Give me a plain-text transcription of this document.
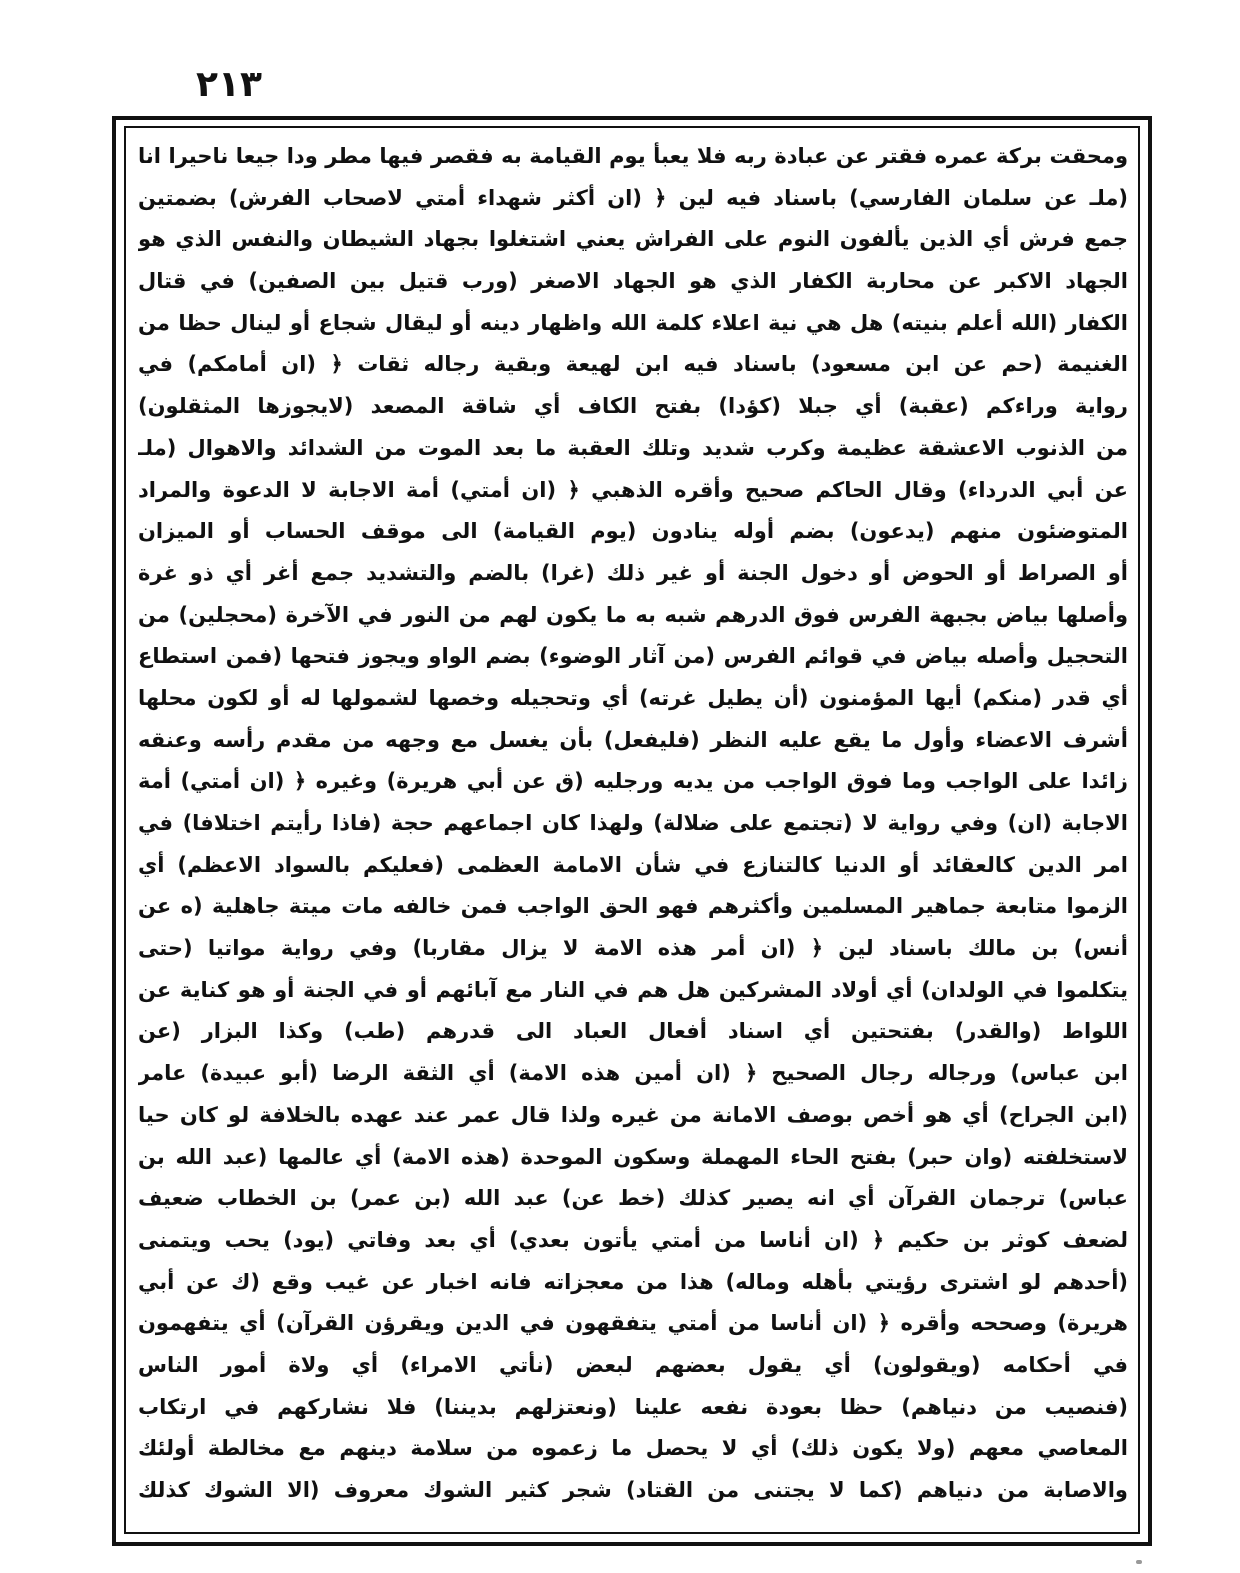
٢١٣
ومحقت بركة عمره فقتر عن عبادة ربه فلا يعبأ يوم القيامة به فقصر فيها مطر ودا جيعا ناحيرا انا
(ملـ عن سلمان الفارسي) باسناد فيه لين ﴿ (ان أكثر شهداء أمتي لاصحاب الفرش) بضمتين
جمع فرش أي الذين يألفون النوم على الفراش يعني اشتغلوا بجهاد الشيطان والنفس الذي هو
الجهاد الاكبر عن محاربة الكفار الذي هو الجهاد الاصغر (ورب قتيل بين الصفين) في قتال
الكفار (الله أعلم بنيته) هل هي نية اعلاء كلمة الله واظهار دينه أو ليقال شجاع أو لينال حظا من
الغنيمة (حم عن ابن مسعود) باسناد فيه ابن لهيعة وبقية رجاله ثقات ﴿ (ان أمامكم) في
رواية وراءكم (عقبة) أي جبلا (كؤدا) بفتح الكاف أي شاقة المصعد (لايجوزها المثقلون)
من الذنوب الاعشقة عظيمة وكرب شديد وتلك العقبة ما بعد الموت من الشدائد والاهوال (ملـ
عن أبي الدرداء) وقال الحاكم صحيح وأقره الذهبي ﴿ (ان أمتي) أمة الاجابة لا الدعوة والمراد
المتوضئون منهم (يدعون) بضم أوله ينادون (يوم القيامة) الى موقف الحساب أو الميزان
أو الصراط أو الحوض أو دخول الجنة أو غير ذلك (غرا) بالضم والتشديد جمع أغر أي ذو غرة
وأصلها بياض بجبهة الفرس فوق الدرهم شبه به ما يكون لهم من النور في الآخرة (محجلين) من
التحجيل وأصله بياض في قوائم الفرس (من آثار الوضوء) بضم الواو ويجوز فتحها (فمن استطاع
أي قدر (منكم) أيها المؤمنون (أن يطيل غرته) أي وتحجيله وخصها لشمولها له أو لكون محلها
أشرف الاعضاء وأول ما يقع عليه النظر (فليفعل) بأن يغسل مع وجهه من مقدم رأسه وعنقه
زائدا على الواجب وما فوق الواجب من يديه ورجليه (ق عن أبي هريرة) وغيره ﴿ (ان أمتي) أمة
الاجابة (ان) وفي رواية لا (تجتمع على ضلالة) ولهذا كان اجماعهم حجة (فاذا رأيتم اختلافا) في
امر الدين كالعقائد أو الدنيا كالتنازع في شأن الامامة العظمى (فعليكم بالسواد الاعظم) أي
الزموا متابعة جماهير المسلمين وأكثرهم فهو الحق الواجب فمن خالفه مات ميتة جاهلية (ه عن
أنس) بن مالك باسناد لين ﴿ (ان أمر هذه الامة لا يزال مقاربا) وفي رواية مواتيا (حتى
يتكلموا في الولدان) أي أولاد المشركين هل هم في النار مع آبائهم أو في الجنة أو هو كناية عن
اللواط (والقدر) بفتحتين أي اسناد أفعال العباد الى قدرهم (طب) وكذا البزار (عن
ابن عباس) ورجاله رجال الصحيح ﴿ (ان أمين هذه الامة) أي الثقة الرضا (أبو عبيدة) عامر
(ابن الجراح) أي هو أخص بوصف الامانة من غيره ولذا قال عمر عند عهده بالخلافة لو كان حيا
لاستخلفته (وان حبر) بفتح الحاء المهملة وسكون الموحدة (هذه الامة) أي عالمها (عبد الله بن
عباس) ترجمان القرآن أي انه يصير كذلك (خط عن) عبد الله (بن عمر) بن الخطاب ضعيف
لضعف كوثر بن حكيم ﴿ (ان أناسا من أمتي يأتون بعدي) أي بعد وفاتي (يود) يحب ويتمنى
(أحدهم لو اشترى رؤيتي بأهله وماله) هذا من معجزاته فانه اخبار عن غيب وقع (ك عن أبي
هريرة) وصححه وأقره ﴿ (ان أناسا من أمتي يتفقهون في الدين ويقرؤن القرآن) أي يتفهمون
في أحكامه (ويقولون) أي يقول بعضهم لبعض (نأتي الامراء) أي ولاة أمور الناس
(فنصيب من دنياهم) حظا بعودة نفعه علينا (ونعتزلهم بديننا) فلا نشاركهم في ارتكاب
المعاصي معهم (ولا يكون ذلك) أي لا يحصل ما زعموه من سلامة دينهم مع مخالطة أولئك
والاصابة من دنياهم (كما لا يجتنى من القتاد) شجر كثير الشوك معروف (الا الشوك كذلك
